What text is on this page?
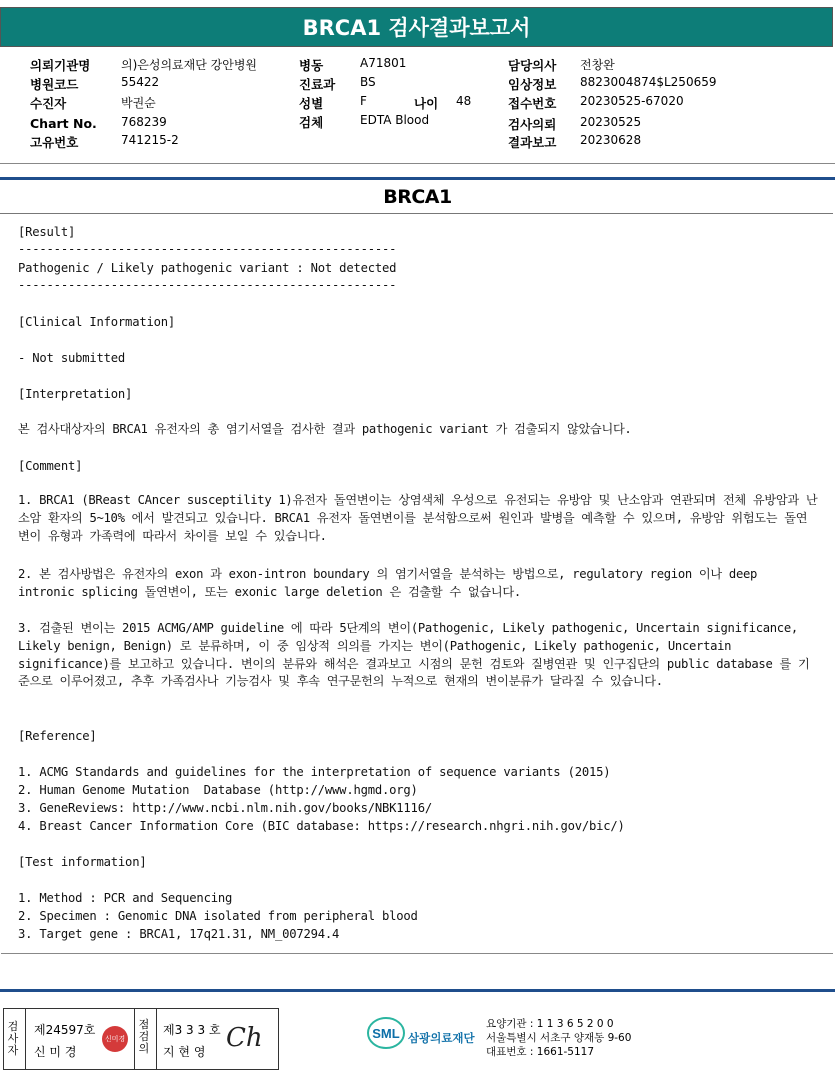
BRCA1 검사결과보고서
의뢰기관명	의)은성의료재단 강안병원
병원코드	55422
수진자	박권순
Chart No. 768239
고유번호	741215-2
병동	A71801
진료과 BS
성별	F	나이 48
검체	EDTA Blood
담당의사 전창완
임상정보 8823004874$L250659
접수번호 20230525-67020
검사의뢰 20230525
결과보고 20230628
BRCA1
[Result]
-----------------------------------------------------
Pathogenic / Likely pathogenic variant : Not detected
-----------------------------------------------------
[Clinical Information]
- Not submitted
[Interpretation]
본 검사대상자의 BRCA1 유전자의 총 염기서열을 검사한 결과 pathogenic variant 가 검출되지 않았습니다.
[Comment]
1. BRCA1 (BReast CAncer susceptility 1)유전자 돌연변이는 상염색체 우성으로 유전되는 유방암 및 난소암과 연관되며 전체 유방암과 난소암 환자의 5~10% 에서 발견되고 있습니다. BRCA1 유전자 돌연변이를 분석함으로써 원인과 발병을 예측할 수 있으며, 유방암 위험도는 돌연변이 유형과 가족력에 따라서 차이를 보일 수 있습니다.
2. 본 검사방법은 유전자의 exon 과 exon-intron boundary 의 염기서열을 분석하는 방법으로, regulatory region 이나 deep intronic splicing 돌연변이, 또는 exonic large deletion 은 검출할 수 없습니다.
3. 검출된 변이는 2015 ACMG/AMP guideline 에 따라 5단계의 변이(Pathogenic, Likely pathogenic, Uncertain significance, Likely benign, Benign) 로 분류하며, 이 중 임상적 의의를 가지는 변이(Pathogenic, Likely pathogenic, Uncertain significance)를 보고하고 있습니다. 변이의 분류와 해석은 결과보고 시점의 문헌 검토와 질병연관 및 인구집단의 public database 를 기준으로 이루어졌고, 추후 가족검사나 기능검사 및 후속 연구문헌의 누적으로 현재의 변이분류가 달라질 수 있습니다.
[Reference]
1. ACMG Standards and guidelines for the interpretation of sequence variants (2015)
2. Human Genome Mutation  Database (http://www.hgmd.org)
3. GeneReviews: http://www.ncbi.nlm.nih.gov/books/NBK1116/
4. Breast Cancer Information Core (BIC database: https://research.nhgri.nih.gov/bic/)
[Test information]
1. Method : PCR and Sequencing
2. Specimen : Genomic DNA isolated from peripheral blood
3. Target gene : BRCA1, 17q21.31, NM_007294.4
검사자
제24597호
신 미 경
신미경
점검의
제3 3 3 호
지 현 영 Ch	SML 삼광의료재단
요양기관 : 1 1 3 6 5 2 0 0
서울특별시 서초구 양재동 9-60
대표번호 : 1661-5117
